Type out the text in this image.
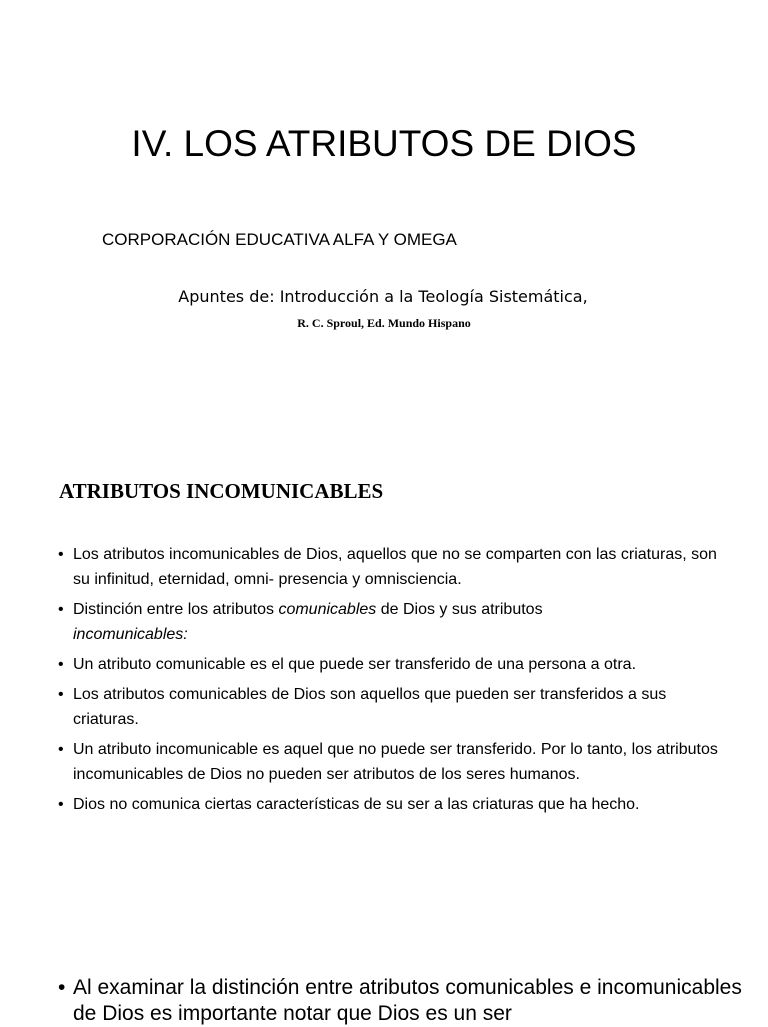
IV. LOS ATRIBUTOS DE DIOS
CORPORACIÓN EDUCATIVA ALFA Y OMEGA
Apuntes de: Introducción a la Teología Sistemática,
R. C. Sproul, Ed. Mundo Hispano
ATRIBUTOS INCOMUNICABLES
• Los atributos incomunicables de Dios, aquellos que no se comparten con las criaturas, son su infinitud, eternidad, omni- presencia y omnisciencia.
• Distinción entre los atributos comunicables de Dios y sus atributos
incomunicables:
• Un atributo comunicable es el que puede ser transferido de una persona a otra.
• Los atributos comunicables de Dios son aquellos que pueden ser transferidos a sus criaturas.
• Un atributo incomunicable es aquel que no puede ser transferido. Por lo tanto, los atributos incomunicables de Dios no pueden ser atributos de los seres humanos.
• Dios no comunica ciertas características de su ser a las criaturas que ha hecho.
• Al examinar la distinción entre atributos comunicables e incomunicables de Dios es importante notar que Dios es un ser
